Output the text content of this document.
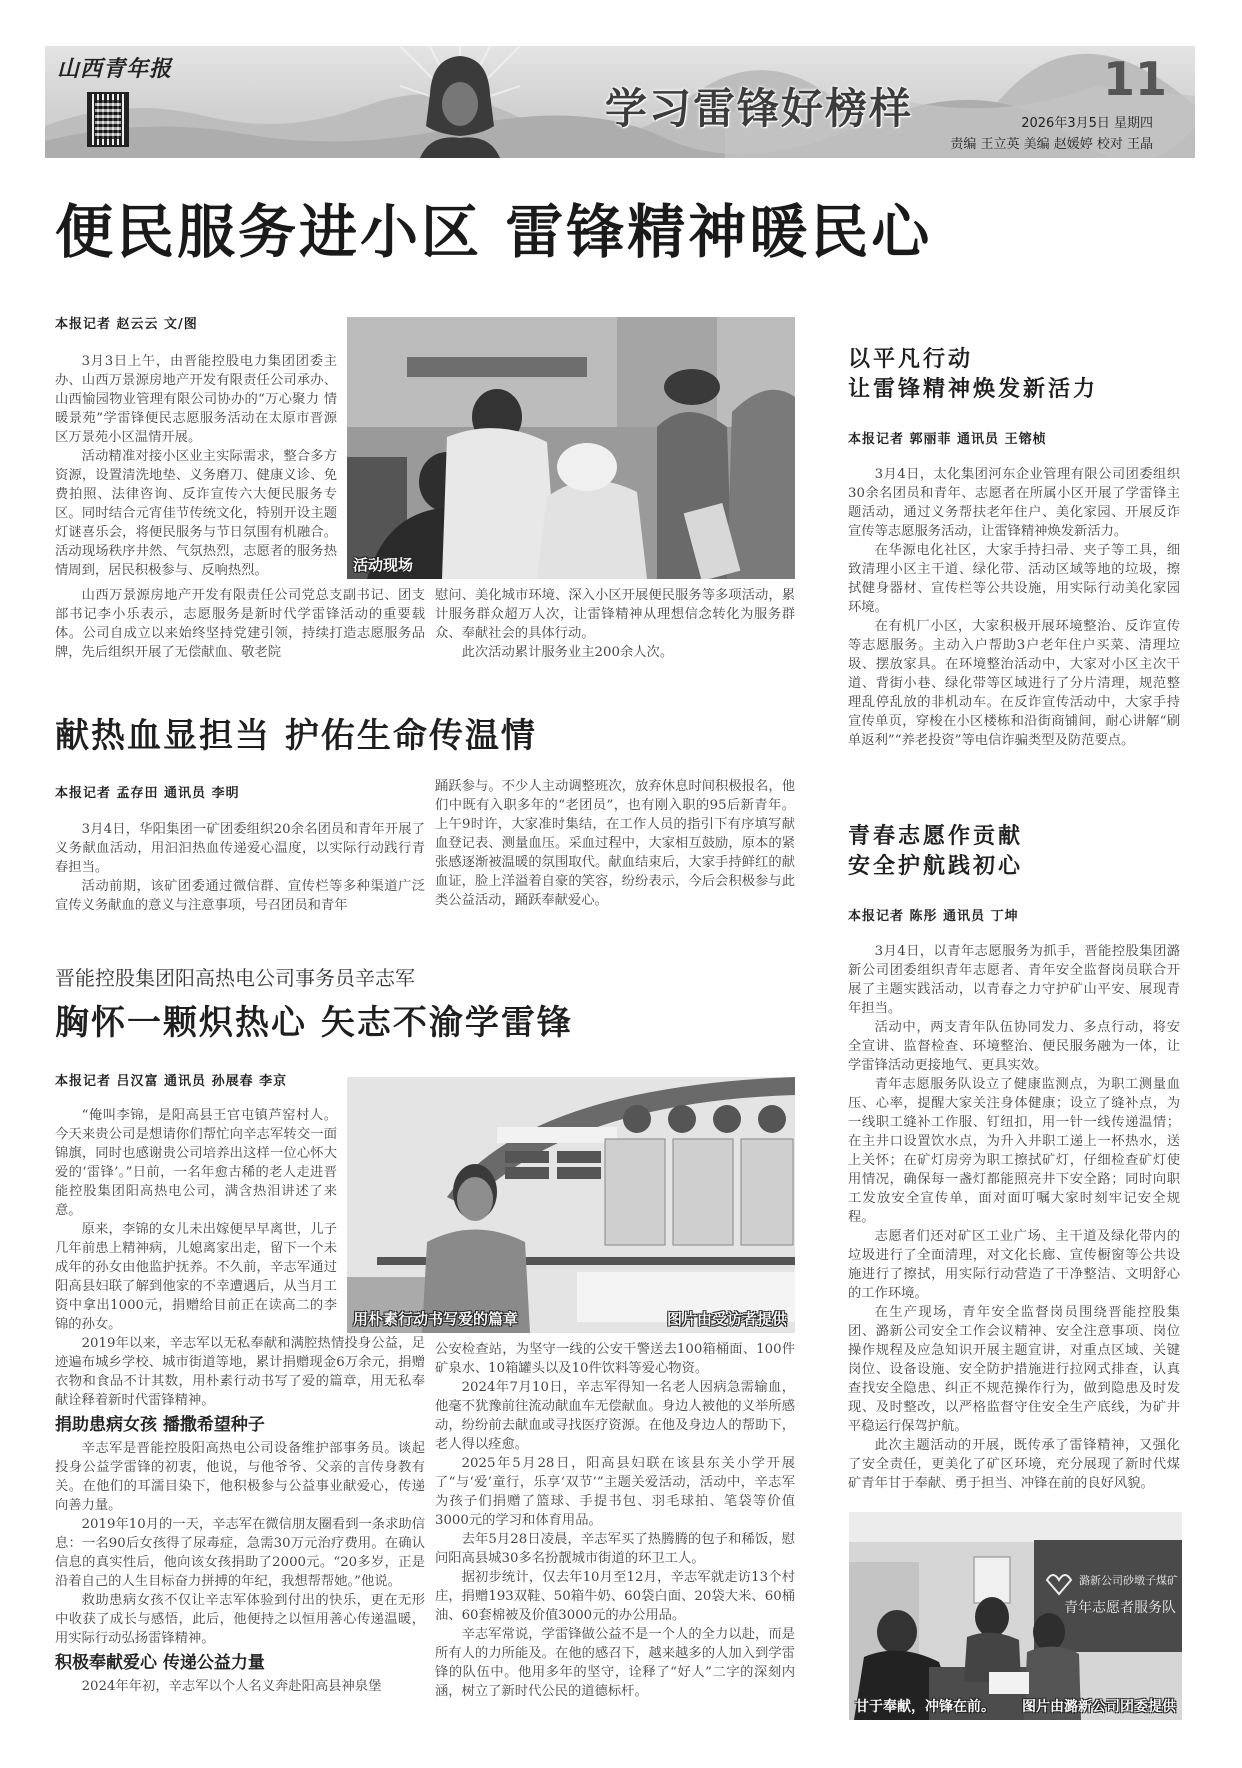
山西青年报
学习雷锋好榜样
11
2026年3月5日 星期四
责编 王立英 美编 赵媛婷 校对 王晶
便民服务进小区 雷锋精神暖民心
本报记者 赵云云 文/图

3月3日上午，由晋能控股电力集团团委主办、山西万景源房地产开发有限责任公司承办、山西愉园物业管理有限公司协办的“万心聚力 情暖景苑”学雷锋便民志愿服务活动在太原市晋源区万景苑小区温情开展。

活动精准对接小区业主实际需求，整合多方资源，设置清洗地垫、义务磨刀、健康义诊、免费拍照、法律咨询、反诈宣传六大便民服务专区。同时结合元宵佳节传统文化，特别开设主题灯谜喜乐会，将便民服务与节日氛围有机融合。活动现场秩序井然、气氛热烈，志愿者的服务热情周到，居民积极参与、反响热烈。	活动现场

山西万景源房地产开发有限责任公司党总支副书记、团支部书记李小乐表示，志愿服务是新时代学雷锋活动的重要载体。公司自成立以来始终坚持党建引领，持续打造志愿服务品牌，先后组织开展了无偿献血、敬老院

慰问、美化城市环境、深入小区开展便民服务等多项活动，累计服务群众超万人次，让雷锋精神从理想信念转化为服务群众、奉献社会的具体行动。

此次活动累计服务业主200余人次。

献热血显担当 护佑生命传温情
本报记者 孟存田 通讯员 李明

3月4日，华阳集团一矿团委组织20余名团员和青年开展了义务献血活动，用汩汩热血传递爱心温度，以实际行动践行青春担当。

活动前期，该矿团委通过微信群、宣传栏等多种渠道广泛宣传义务献血的意义与注意事项，号召团员和青年

踊跃参与。不少人主动调整班次，放弃休息时间积极报名，他们中既有入职多年的“老团员”，也有刚入职的95后新青年。上午9时许，大家准时集结，在工作人员的指引下有序填写献血登记表、测量血压。采血过程中，大家相互鼓励，原本的紧张感逐渐被温暖的氛围取代。献血结束后，大家手持鲜红的献血证，脸上洋溢着自豪的笑容，纷纷表示，今后会积极参与此类公益活动，踊跃奉献爱心。

晋能控股集团阳高热电公司事务员辛志军
胸怀一颗炽热心 矢志不渝学雷锋
本报记者 吕汉富 通讯员 孙展春 李京

“俺叫李锦，是阳高县王官屯镇芦窑村人。今天来贵公司是想请你们帮忙向辛志军转交一面锦旗，同时也感谢贵公司培养出这样一位心怀大爱的‘雷锋’。”日前，一名年愈古稀的老人走进晋能控股集团阳高热电公司，满含热泪讲述了来意。

原来，李锦的女儿未出嫁便早早离世，儿子几年前患上精神病，儿媳离家出走，留下一个未成年的孙女由他监护抚养。不久前，辛志军通过阳高县妇联了解到他家的不幸遭遇后，从当月工资中拿出1000元，捐赠给目前正在读高二的李锦的孙女。	用朴素行动书写爱的篇章	图片由受访者提供

2019年以来，辛志军以无私奉献和满腔热情投身公益，足迹遍布城乡学校、城市街道等地，累计捐赠现金6万余元，捐赠衣物和食品不计其数，用朴素行动书写了爱的篇章，用无私奉献诠释着新时代雷锋精神。

捐助患病女孩 播撒希望种子

辛志军是晋能控股阳高热电公司设备维护部事务员。谈起投身公益学雷锋的初衷，他说，与他爷爷、父亲的言传身教有关。在他们的耳濡目染下，他积极参与公益事业献爱心，传递向善力量。

2019年10月的一天，辛志军在微信朋友圈看到一条求助信息：一名90后女孩得了尿毒症，急需30万元治疗费用。在确认信息的真实性后，他向该女孩捐助了2000元。“20多岁，正是沿着自己的人生目标奋力拼搏的年纪，我想帮帮她。”他说。

救助患病女孩不仅让辛志军体验到付出的快乐，更在无形中收获了成长与感悟，此后，他便持之以恒用善心传递温暖，用实际行动弘扬雷锋精神。

积极奉献爱心 传递公益力量

2024年年初，辛志军以个人名义奔赴阳高县神泉堡

公安检查站，为坚守一线的公安干警送去100箱桶面、100件矿泉水、10箱罐头以及10件饮料等爱心物资。

2024年7月10日，辛志军得知一名老人因病急需输血，他毫不犹豫前往流动献血车无偿献血。身边人被他的义举所感动，纷纷前去献血或寻找医疗资源。在他及身边人的帮助下，老人得以痊愈。

2025年5月28日，阳高县妇联在该县东关小学开展了“与‘爱’童行，乐享‘双节’”主题关爱活动，活动中，辛志军为孩子们捐赠了篮球、手提书包、羽毛球拍、笔袋等价值3000元的学习和体育用品。

去年5月28日凌晨，辛志军买了热腾腾的包子和稀饭，慰问阳高县城30多名扮靓城市街道的环卫工人。

据初步统计，仅去年10月至12月，辛志军就走访13个村庄，捐赠193双鞋、50箱牛奶、60袋白面、20袋大米、60桶油、60套棉被及价值3000元的办公用品。

辛志军常说，学雷锋做公益不是一个人的全力以赴，而是所有人的力所能及。在他的感召下，越来越多的人加入到学雷锋的队伍中。他用多年的坚守，诠释了“好人”二字的深刻内涵，树立了新时代公民的道德标杆。

以平凡行动
让雷锋精神焕发新活力
本报记者 郭丽菲 通讯员 王镕桢

3月4日，太化集团河东企业管理有限公司团委组织30余名团员和青年、志愿者在所属小区开展了学雷锋主题活动，通过义务帮扶老年住户、美化家园、开展反诈宣传等志愿服务活动，让雷锋精神焕发新活力。

在华源电化社区，大家手持扫帚、夹子等工具，细致清理小区主干道、绿化带、活动区域等地的垃圾，擦拭健身器材、宣传栏等公共设施，用实际行动美化家园环境。

在有机厂小区，大家积极开展环境整治、反诈宣传等志愿服务。主动入户帮助3户老年住户买菜、清理垃圾、摆放家具。在环境整治活动中，大家对小区主次干道、背街小巷、绿化带等区域进行了分片清理，规范整理乱停乱放的非机动车。在反诈宣传活动中，大家手持宣传单页，穿梭在小区楼栋和沿街商铺间，耐心讲解“刷单返利”“养老投资”等电信诈骗类型及防范要点。

青春志愿作贡献
安全护航践初心
本报记者 陈彤 通讯员 丁坤

3月4日，以青年志愿服务为抓手，晋能控股集团潞新公司团委组织青年志愿者、青年安全监督岗员联合开展了主题实践活动，以青春之力守护矿山平安、展现青年担当。

活动中，两支青年队伍协同发力、多点行动，将安全宣讲、监督检查、环境整治、便民服务融为一体，让学雷锋活动更接地气、更具实效。

青年志愿服务队设立了健康监测点，为职工测量血压、心率，提醒大家关注身体健康；设立了缝补点，为一线职工缝补工作服、钉纽扣，用一针一线传递温情；在主井口设置饮水点，为升入井职工递上一杯热水，送上关怀；在矿灯房旁为职工擦拭矿灯，仔细检查矿灯使用情况，确保每一盏灯都能照亮井下安全路；同时向职工发放安全宣传单，面对面叮嘱大家时刻牢记安全规程。

志愿者们还对矿区工业广场、主干道及绿化带内的垃圾进行了全面清理，对文化长廊、宣传橱窗等公共设施进行了擦拭，用实际行动营造了干净整洁、文明舒心的工作环境。

在生产现场，青年安全监督岗员围绕晋能控股集团、潞新公司安全工作会议精神、安全注意事项、岗位操作规程及应急知识开展主题宣讲，对重点区域、关键岗位、设备设施、安全防护措施进行拉网式排查，认真查找安全隐患、纠正不规范操作行为，做到隐患及时发现、及时整改，以严格监督守住安全生产底线，为矿井平稳运行保驾护航。

此次主题活动的开展，既传承了雷锋精神，又强化了安全责任，更美化了矿区环境，充分展现了新时代煤矿青年甘于奉献、勇于担当、冲锋在前的良好风貌。

潞新公司砂墩子煤矿
青年志愿者服务队
甘于奉献，冲锋在前。 图片由潞新公司团委提供
